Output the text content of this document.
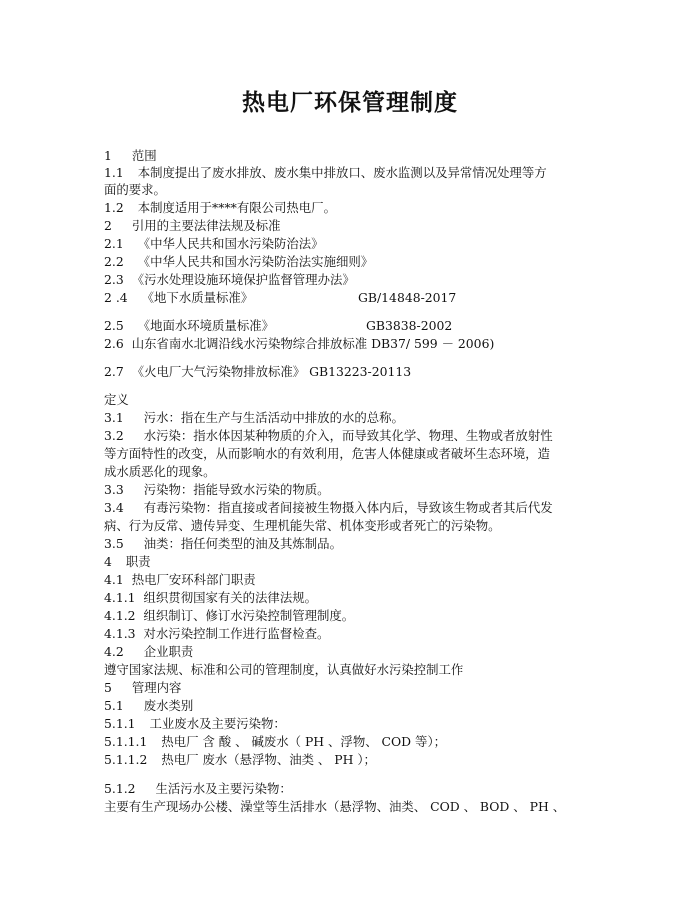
热电厂环保管理制度
1 范围
1.1 本制度提出了废水排放、废水集中排放口、废水监测以及异常情况处理等方
面的要求。
1.2 本制度适用于****有限公司热电厂。
2 引用的主要法律法规及标准
2.1 《中华人民共和国水污染防治法》
2.2 《中华人民共和国水污染防治法实施细则》
2.3 《污水处理设施环境保护监督管理办法》
2 .4 《地下水质量标准》	GB/14848-2017
2.5 《地面水环境质量标准》	GB3838-2002
2.6 山东省南水北调沿线水污染物综合排放标准 DB37/ 599 － 2006)
2.7 《火电厂大气污染物排放标准》 GB13223-20113
定义
3.1 污水：指在生产与生活活动中排放的水的总称。
3.2 水污染：指水体因某种物质的介入，而导致其化学、物理、生物或者放射性
等方面特性的改变，从而影响水的有效利用，危害人体健康或者破坏生态环境，造
成水质恶化的现象。
3.3 污染物：指能导致水污染的物质。
3.4 有毒污染物：指直接或者间接被生物摄入体内后，导致该生物或者其后代发
病、行为反常、遗传异变、生理机能失常、机体变形或者死亡的污染物。
3.5 油类：指任何类型的油及其炼制品。
4 职责
4.1 热电厂安环科部门职责
4.1.1 组织贯彻国家有关的法律法规。
4.1.2 组织制订、修订水污染控制管理制度。
4.1.3 对水污染控制工作进行监督检查。
4.2 企业职责
遵守国家法规、标准和公司的管理制度，认真做好水污染控制工作
5 管理内容
5.1 废水类别
5.1.1 工业废水及主要污染物：
5.1.1.1 热电厂 含 酸 、 碱废水（ PH 、浮物、 COD 等）；
5.1.1.2 热电厂 废水（悬浮物、油类 、 PH ）；
5.1.2 生活污水及主要污染物：
主要有生产现场办公楼、澡堂等生活排水（悬浮物、油类、 COD 、 BOD 、 PH 、
